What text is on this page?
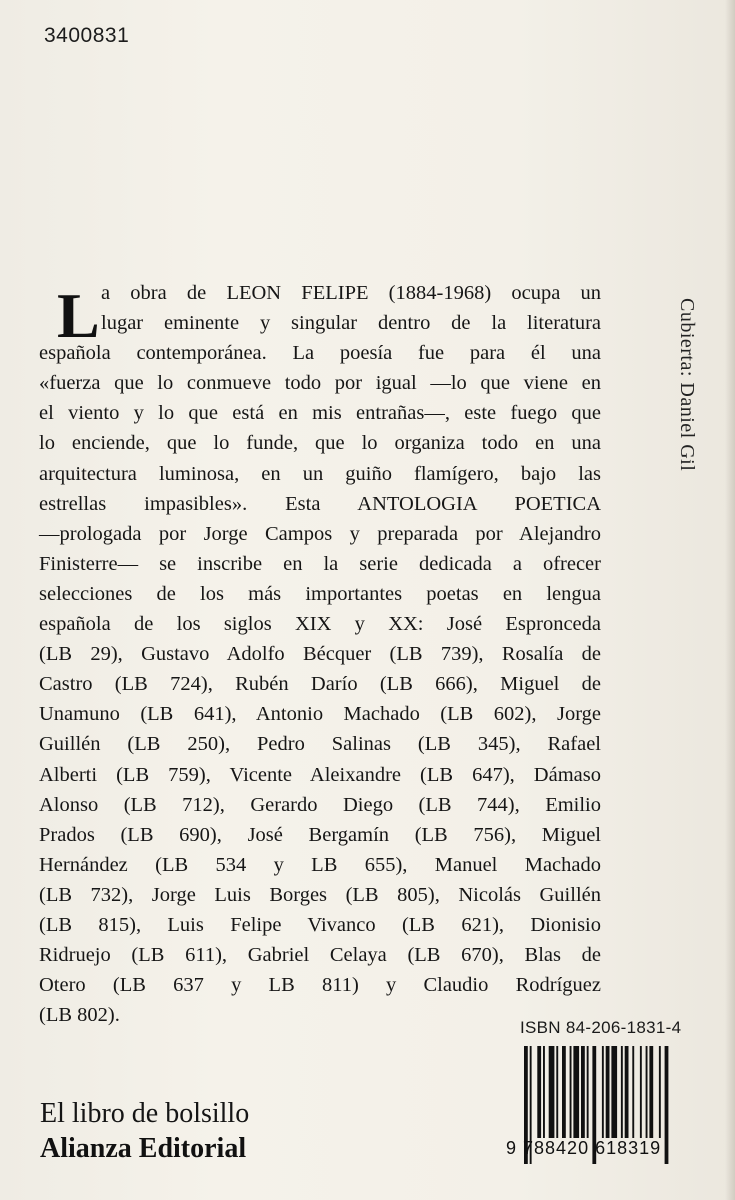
3400831
L a obra de LEON FELIPE (1884-1968) ocupa un
lugar eminente y singular dentro de la literatura
española contemporánea. La poesía fue para él una
«fuerza que lo conmueve todo por igual —lo que viene en
el viento y lo que está en mis entrañas—, este fuego que
lo enciende, que lo funde, que lo organiza todo en una
arquitectura luminosa, en un guiño flamígero, bajo las
estrellas impasibles». Esta ANTOLOGIA POETICA
—prologada por Jorge Campos y preparada por Alejandro
Finisterre— se inscribe en la serie dedicada a ofrecer
selecciones de los más importantes poetas en lengua
española de los siglos XIX y XX: José Espronceda
(LB 29), Gustavo Adolfo Bécquer (LB 739), Rosalía de
Castro (LB 724), Rubén Darío (LB 666), Miguel de
Unamuno (LB 641), Antonio Machado (LB 602), Jorge
Guillén (LB 250), Pedro Salinas (LB 345), Rafael
Alberti (LB 759), Vicente Aleixandre (LB 647), Dámaso
Alonso (LB 712), Gerardo Diego (LB 744), Emilio
Prados (LB 690), José Bergamín (LB 756), Miguel
Hernández (LB 534 y LB 655), Manuel Machado
(LB 732), Jorge Luis Borges (LB 805), Nicolás Guillén
(LB 815), Luis Felipe Vivanco (LB 621), Dionisio
Ridruejo (LB 611), Gabriel Celaya (LB 670), Blas de
Otero (LB 637 y LB 811) y Claudio Rodríguez
(LB 802).
Cubierta: Daniel Gil
ISBN 84-206-1831-4
9 788420 618319
El libro de bolsillo
Alianza Editorial
